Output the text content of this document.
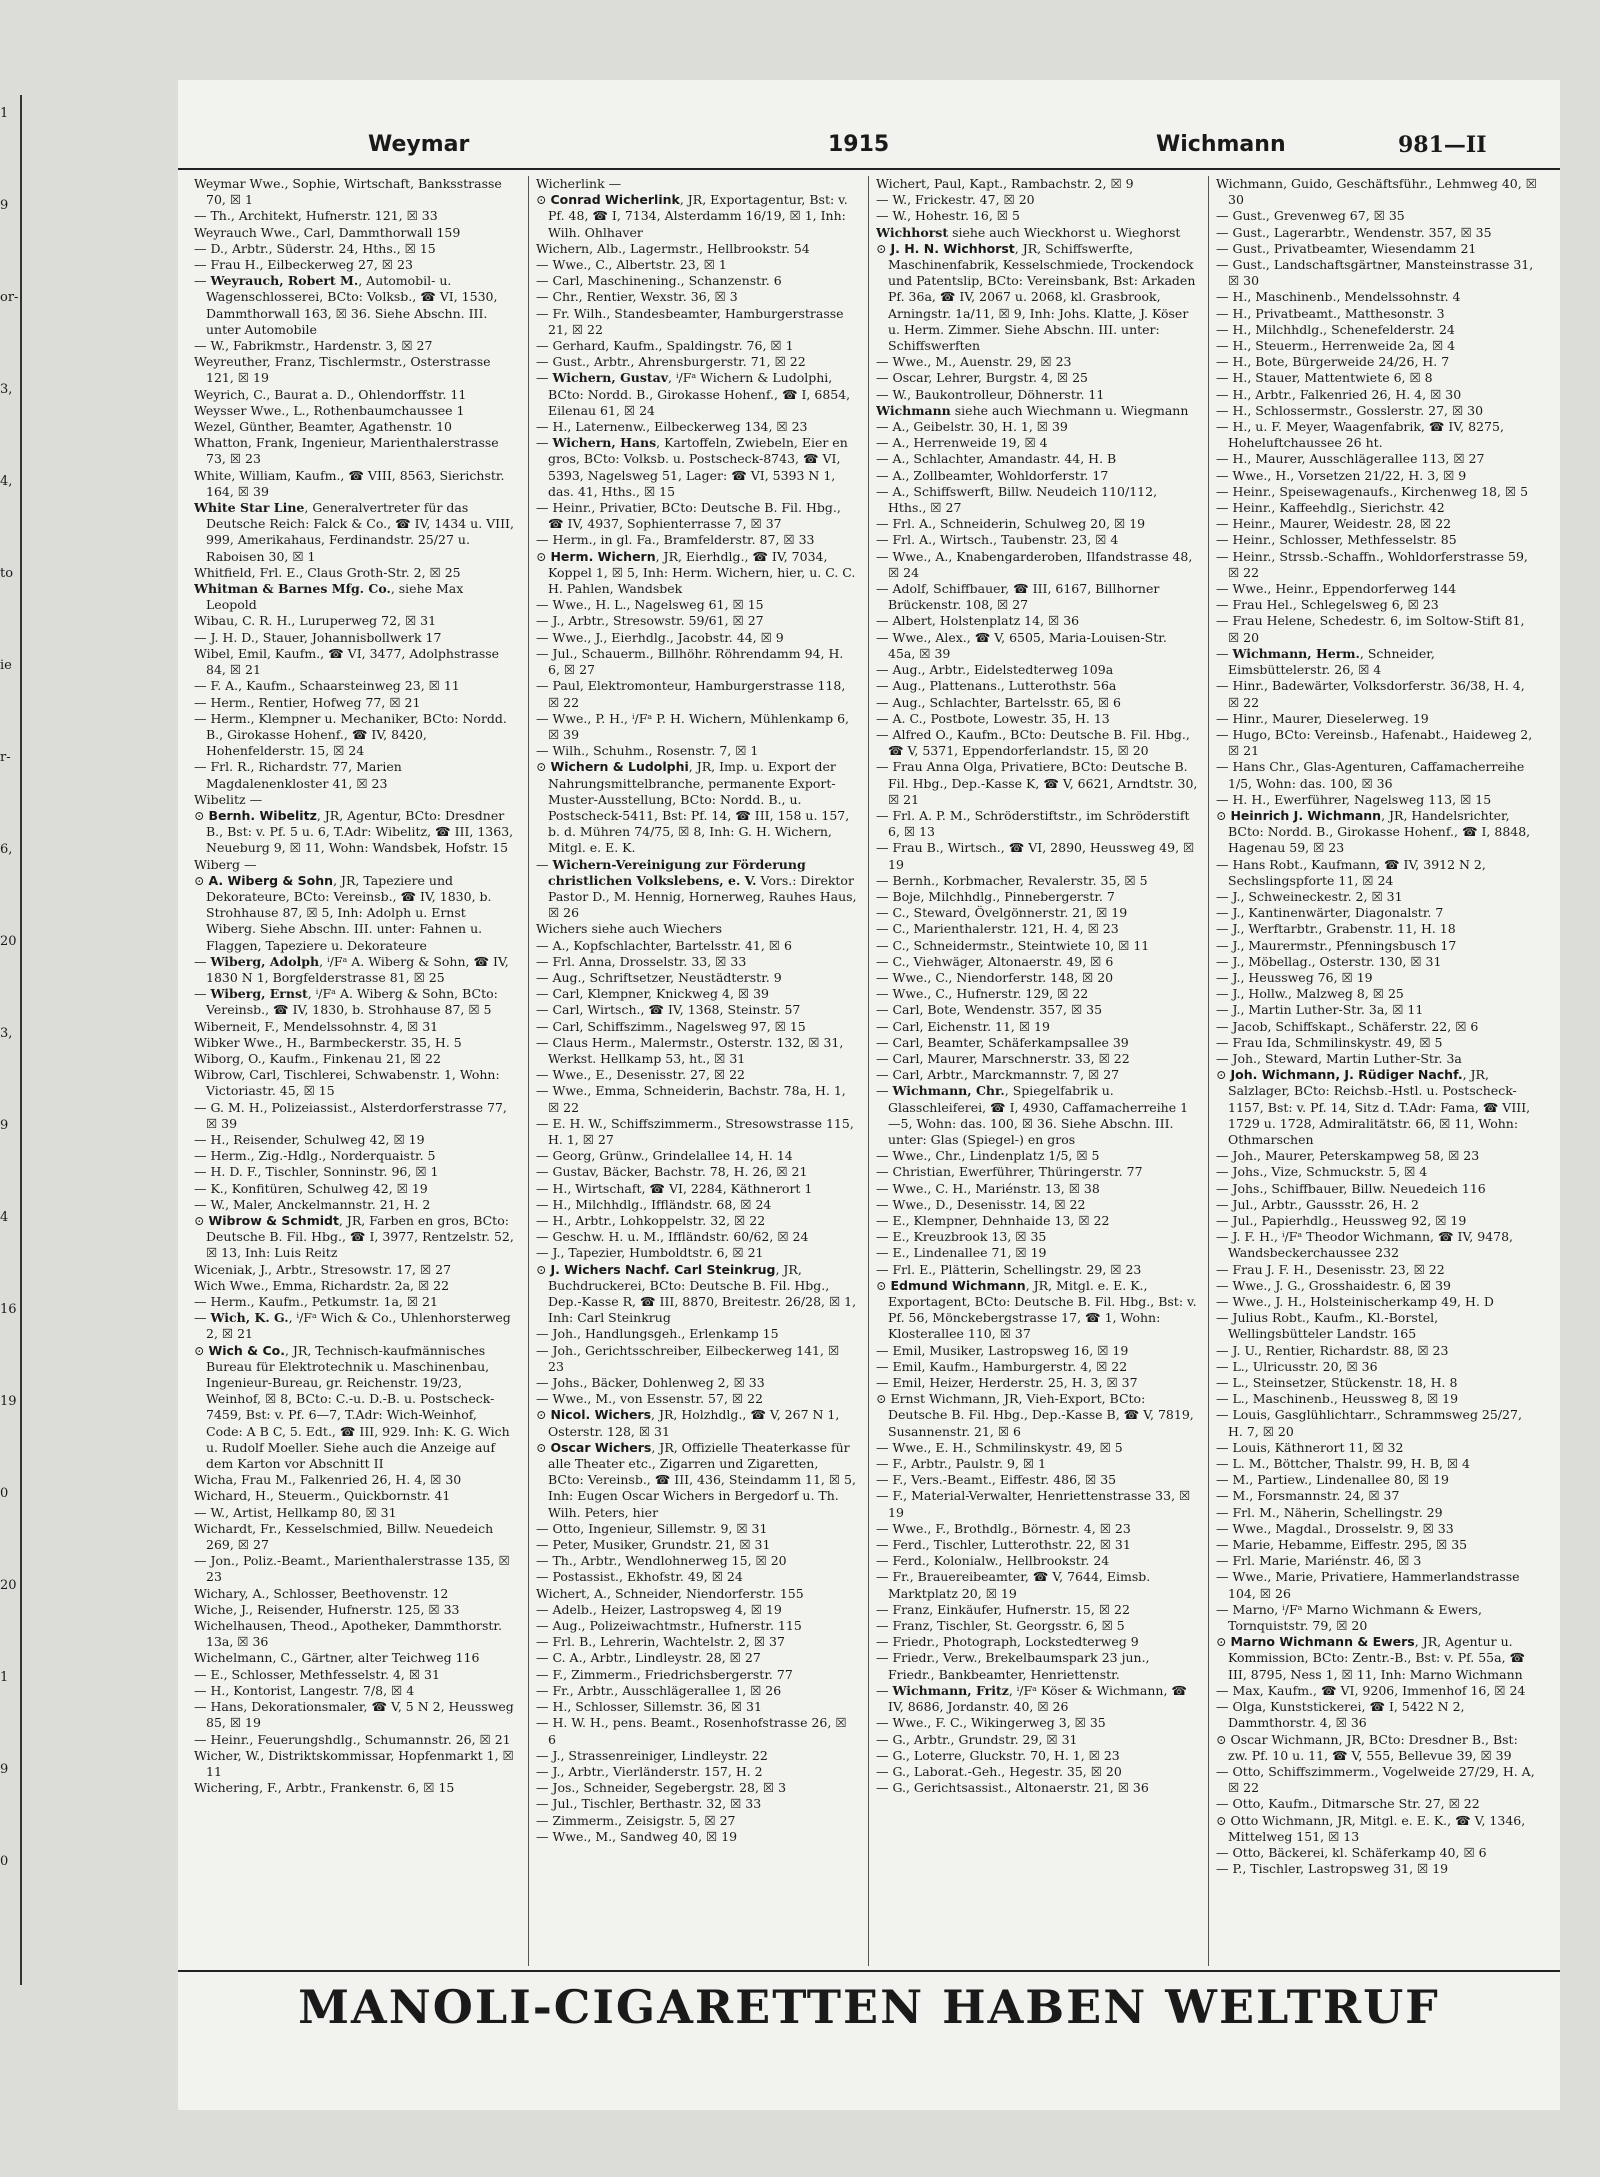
1
9
or-
3,
4,
to
ie
r-
6,
20
3,
9
4
16
19
0
20
1
9
0
Weymar	1915	Wichmann	981—II

Weymar Wwe., Sophie, Wirtschaft, Banksstrasse 70, ☒ 1

— Th., Architekt, Hufnerstr. 121, ☒ 33

Weyrauch Wwe., Carl, Dammthorwall 159

— D., Arbtr., Süderstr. 24, Hths., ☒ 15

— Frau H., Eilbeckerweg 27, ☒ 23

— Weyrauch, Robert M., Automobil- u. Wagenschlosserei, BCto: Volksb., ☎ VI, 1530, Dammthorwall 163, ☒ 36. Siehe Abschn. III. unter Automobile

— W., Fabrikmstr., Hardenstr. 3, ☒ 27

Weyreuther, Franz, Tischlermstr., Osterstrasse 121, ☒ 19

Weyrich, C., Baurat a. D., Ohlendorffstr. 11

Weysser Wwe., L., Rothenbaumchaussee 1

Wezel, Günther, Beamter, Agathenstr. 10

Whatton, Frank, Ingenieur, Marienthalerstrasse 73, ☒ 23

White, William, Kaufm., ☎ VIII, 8563, Sierichstr. 164, ☒ 39

White Star Line, Generalvertreter für das Deutsche Reich: Falck & Co., ☎ IV, 1434 u. VIII, 999, Amerikahaus, Ferdinandstr. 25/27 u. Raboisen 30, ☒ 1

Whitfield, Frl. E., Claus Groth-Str. 2, ☒ 25

Whitman & Barnes Mfg. Co., siehe Max Leopold

Wibau, C. R. H., Luruperweg 72, ☒ 31

— J. H. D., Stauer, Johannisbollwerk 17

Wibel, Emil, Kaufm., ☎ VI, 3477, Adolphstrasse 84, ☒ 21

— F. A., Kaufm., Schaarsteinweg 23, ☒ 11

— Herm., Rentier, Hofweg 77, ☒ 21

— Herm., Klempner u. Mechaniker, BCto: Nordd. B., Girokasse Hohenf., ☎ IV, 8420, Hohenfelderstr. 15, ☒ 24

— Frl. R., Richardstr. 77, Marien Magdalenenkloster 41, ☒ 23

Wibelitz —

⊙ Bernh. Wibelitz, JR, Agentur, BCto: Dresdner B., Bst: v. Pf. 5 u. 6, T.Adr: Wibelitz, ☎ III, 1363, Neueburg 9, ☒ 11, Wohn: Wandsbek, Hofstr. 15

Wiberg —

⊙ A. Wiberg & Sohn, JR, Tapeziere und Dekorateure, BCto: Vereinsb., ☎ IV, 1830, b. Strohhause 87, ☒ 5, Inh: Adolph u. Ernst Wiberg. Siehe Abschn. III. unter: Fahnen u. Flaggen, Tapeziere u. Dekorateure

— Wiberg, Adolph, ⁱ/Fᵃ A. Wiberg & Sohn, ☎ IV, 1830 N 1, Borgfelderstrasse 81, ☒ 25

— Wiberg, Ernst, ⁱ/Fᵃ A. Wiberg & Sohn, BCto: Vereinsb., ☎ IV, 1830, b. Strohhause 87, ☒ 5

Wiberneit, F., Mendelssohnstr. 4, ☒ 31

Wibker Wwe., H., Barmbeckerstr. 35, H. 5

Wiborg, O., Kaufm., Finkenau 21, ☒ 22

Wibrow, Carl, Tischlerei, Schwabenstr. 1, Wohn: Victoriastr. 45, ☒ 15

— G. M. H., Polizeiassist., Alsterdorferstrasse 77, ☒ 39

— H., Reisender, Schulweg 42, ☒ 19

— Herm., Zig.-Hdlg., Norderquaistr. 5

— H. D. F., Tischler, Sonninstr. 96, ☒ 1

— K., Konfitüren, Schulweg 42, ☒ 19

— W., Maler, Anckelmannstr. 21, H. 2

⊙ Wibrow & Schmidt, JR, Farben en gros, BCto: Deutsche B. Fil. Hbg., ☎ I, 3977, Rentzelstr. 52, ☒ 13, Inh: Luis Reitz

Wiceniak, J., Arbtr., Stresowstr. 17, ☒ 27

Wich Wwe., Emma, Richardstr. 2a, ☒ 22

— Herm., Kaufm., Petkumstr. 1a, ☒ 21

— Wich, K. G., ⁱ/Fᵃ Wich & Co., Uhlenhorsterweg 2, ☒ 21

⊙ Wich & Co., JR, Technisch-kaufmännisches Bureau für Elektrotechnik u. Maschinenbau, Ingenieur-Bureau, gr. Reichenstr. 19/23, Weinhof, ☒ 8, BCto: C.-u. D.-B. u. Postscheck-7459, Bst: v. Pf. 6—7, T.Adr: Wich-Weinhof, Code: A B C, 5. Edt., ☎ III, 929. Inh: K. G. Wich u. Rudolf Moeller. Siehe auch die Anzeige auf dem Karton vor Abschnitt II

Wicha, Frau M., Falkenried 26, H. 4, ☒ 30

Wichard, H., Steuerm., Quickbornstr. 41

— W., Artist, Hellkamp 80, ☒ 31

Wichardt, Fr., Kesselschmied, Billw. Neuedeich 269, ☒ 27

— Jon., Poliz.-Beamt., Marienthalerstrasse 135, ☒ 23

Wichary, A., Schlosser, Beethovenstr. 12

Wiche, J., Reisender, Hufnerstr. 125, ☒ 33

Wichelhausen, Theod., Apotheker, Dammthorstr. 13a, ☒ 36

Wichelmann, C., Gärtner, alter Teichweg 116

— E., Schlosser, Methfesselstr. 4, ☒ 31

— H., Kontorist, Langestr. 7/8, ☒ 4

— Hans, Dekorationsmaler, ☎ V, 5 N 2, Heussweg 85, ☒ 19

— Heinr., Feuerungshdlg., Schumannstr. 26, ☒ 21

Wicher, W., Distriktskommissar, Hopfenmarkt 1, ☒ 11

Wichering, F., Arbtr., Frankenstr. 6, ☒ 15

Wicherlink —

⊙ Conrad Wicherlink, JR, Exportagentur, Bst: v. Pf. 48, ☎ I, 7134, Alsterdamm 16/19, ☒ 1, Inh: Wilh. Ohlhaver

Wichern, Alb., Lagermstr., Hellbrookstr. 54

— Wwe., C., Albertstr. 23, ☒ 1

— Carl, Maschinening., Schanzenstr. 6

— Chr., Rentier, Wexstr. 36, ☒ 3

— Fr. Wilh., Standesbeamter, Hamburgerstrasse 21, ☒ 22

— Gerhard, Kaufm., Spaldingstr. 76, ☒ 1

— Gust., Arbtr., Ahrensburgerstr. 71, ☒ 22

— Wichern, Gustav, ⁱ/Fᵃ Wichern & Ludolphi, BCto: Nordd. B., Girokasse Hohenf., ☎ I, 6854, Eilenau 61, ☒ 24

— H., Laternenw., Eilbeckerweg 134, ☒ 23

— Wichern, Hans, Kartoffeln, Zwiebeln, Eier en gros, BCto: Volksb. u. Postscheck-8743, ☎ VI, 5393, Nagelsweg 51, Lager: ☎ VI, 5393 N 1, das. 41, Hths., ☒ 15

— Heinr., Privatier, BCto: Deutsche B. Fil. Hbg., ☎ IV, 4937, Sophienterrasse 7, ☒ 37

— Herm., in gl. Fa., Bramfelderstr. 87, ☒ 33

⊙ Herm. Wichern, JR, Eierhdlg., ☎ IV, 7034, Koppel 1, ☒ 5, Inh: Herm. Wichern, hier, u. C. C. H. Pahlen, Wandsbek

— Wwe., H. L., Nagelsweg 61, ☒ 15

— J., Arbtr., Stresowstr. 59/61, ☒ 27

— Wwe., J., Eierhdlg., Jacobstr. 44, ☒ 9

— Jul., Schauerm., Billhöhr. Röhrendamm 94, H. 6, ☒ 27

— Paul, Elektromonteur, Hamburgerstrasse 118, ☒ 22

— Wwe., P. H., ⁱ/Fᵃ P. H. Wichern, Mühlenkamp 6, ☒ 39

— Wilh., Schuhm., Rosenstr. 7, ☒ 1

⊙ Wichern & Ludolphi, JR, Imp. u. Export der Nahrungsmittelbranche, permanente Export-Muster-Ausstellung, BCto: Nordd. B., u. Postscheck-5411, Bst: Pf. 14, ☎ III, 158 u. 157, b. d. Mühren 74/75, ☒ 8, Inh: G. H. Wichern, Mitgl. e. E. K.

— Wichern-Vereinigung zur Förderung christlichen Volkslebens, e. V. Vors.: Direktor Pastor D., M. Hennig, Hornerweg, Rauhes Haus, ☒ 26

Wichers siehe auch Wiechers

— A., Kopfschlachter, Bartelsstr. 41, ☒ 6

— Frl. Anna, Drosselstr. 33, ☒ 33

— Aug., Schriftsetzer, Neustädterstr. 9

— Carl, Klempner, Knickweg 4, ☒ 39

— Carl, Wirtsch., ☎ IV, 1368, Steinstr. 57

— Carl, Schiffszimm., Nagelsweg 97, ☒ 15

— Claus Herm., Malermstr., Osterstr. 132, ☒ 31, Werkst. Hellkamp 53, ht., ☒ 31

— Wwe., E., Desenisstr. 27, ☒ 22

— Wwe., Emma, Schneiderin, Bachstr. 78a, H. 1, ☒ 22

— E. H. W., Schiffszimmerm., Stresowstrasse 115, H. 1, ☒ 27

— Georg, Grünw., Grindelallee 14, H. 14

— Gustav, Bäcker, Bachstr. 78, H. 26, ☒ 21

— H., Wirtschaft, ☎ VI, 2284, Käthnerort 1

— H., Milchhdlg., Iffländstr. 68, ☒ 24

— H., Arbtr., Lohkoppelstr. 32, ☒ 22

— Geschw. H. u. M., Iffländstr. 60/62, ☒ 24

— J., Tapezier, Humboldtstr. 6, ☒ 21

⊙ J. Wichers Nachf. Carl Steinkrug, JR, Buchdruckerei, BCto: Deutsche B. Fil. Hbg., Dep.-Kasse R, ☎ III, 8870, Breitestr. 26/28, ☒ 1, Inh: Carl Steinkrug

— Joh., Handlungsgeh., Erlenkamp 15

— Joh., Gerichtsschreiber, Eilbeckerweg 141, ☒ 23

— Johs., Bäcker, Dohlenweg 2, ☒ 33

— Wwe., M., von Essenstr. 57, ☒ 22

⊙ Nicol. Wichers, JR, Holzhdlg., ☎ V, 267 N 1, Osterstr. 128, ☒ 31

⊙ Oscar Wichers, JR, Offizielle Theaterkasse für alle Theater etc., Zigarren und Zigaretten, BCto: Vereinsb., ☎ III, 436, Steindamm 11, ☒ 5, Inh: Eugen Oscar Wichers in Bergedorf u. Th. Wilh. Peters, hier

— Otto, Ingenieur, Sillemstr. 9, ☒ 31

— Peter, Musiker, Grundstr. 21, ☒ 31

— Th., Arbtr., Wendlohnerweg 15, ☒ 20

— Postassist., Ekhofstr. 49, ☒ 24

Wichert, A., Schneider, Niendorferstr. 155

— Adelb., Heizer, Lastropsweg 4, ☒ 19

— Aug., Polizeiwachtmstr., Hufnerstr. 115

— Frl. B., Lehrerin, Wachtelstr. 2, ☒ 37

— C. A., Arbtr., Lindleystr. 28, ☒ 27

— F., Zimmerm., Friedrichsbergerstr. 77

— Fr., Arbtr., Ausschlägerallee 1, ☒ 26

— H., Schlosser, Sillemstr. 36, ☒ 31

— H. W. H., pens. Beamt., Rosenhofstrasse 26, ☒ 6

— J., Strassenreiniger, Lindleystr. 22

— J., Arbtr., Vierländerstr. 157, H. 2

— Jos., Schneider, Segebergstr. 28, ☒ 3

— Jul., Tischler, Berthastr. 32, ☒ 33

— Zimmerm., Zeisigstr. 5, ☒ 27

— Wwe., M., Sandweg 40, ☒ 19

Wichert, Paul, Kapt., Rambachstr. 2, ☒ 9

— W., Frickestr. 47, ☒ 20

— W., Hohestr. 16, ☒ 5

Wichhorst siehe auch Wieckhorst u. Wieghorst

⊙ J. H. N. Wichhorst, JR, Schiffswerfte, Maschinenfabrik, Kesselschmiede, Trockendock und Patentslip, BCto: Vereinsbank, Bst: Arkaden Pf. 36a, ☎ IV, 2067 u. 2068, kl. Grasbrook, Arningstr. 1a/11, ☒ 9, Inh: Johs. Klatte, J. Köser u. Herm. Zimmer. Siehe Abschn. III. unter: Schiffswerften

— Wwe., M., Auenstr. 29, ☒ 23

— Oscar, Lehrer, Burgstr. 4, ☒ 25

— W., Baukontrolleur, Döhnerstr. 11

Wichmann siehe auch Wiechmann u. Wiegmann

— A., Geibelstr. 30, H. 1, ☒ 39

— A., Herrenweide 19, ☒ 4

— A., Schlachter, Amandastr. 44, H. B

— A., Zollbeamter, Wohldorferstr. 17

— A., Schiffswerft, Billw. Neudeich 110/112, Hths., ☒ 27

— Frl. A., Schneiderin, Schulweg 20, ☒ 19

— Frl. A., Wirtsch., Taubenstr. 23, ☒ 4

— Wwe., A., Knabengarderoben, Ilfandstrasse 48, ☒ 24

— Adolf, Schiffbauer, ☎ III, 6167, Billhorner Brückenstr. 108, ☒ 27

— Albert, Holstenplatz 14, ☒ 36

— Wwe., Alex., ☎ V, 6505, Maria-Louisen-Str. 45a, ☒ 39

— Aug., Arbtr., Eidelstedterweg 109a

— Aug., Plattenans., Lutterothstr. 56a

— Aug., Schlachter, Bartelsstr. 65, ☒ 6

— A. C., Postbote, Lowestr. 35, H. 13

— Alfred O., Kaufm., BCto: Deutsche B. Fil. Hbg., ☎ V, 5371, Eppendorferlandstr. 15, ☒ 20

— Frau Anna Olga, Privatiere, BCto: Deutsche B. Fil. Hbg., Dep.-Kasse K, ☎ V, 6621, Arndtstr. 30, ☒ 21

— Frl. A. P. M., Schröderstiftstr., im Schröderstift 6, ☒ 13

— Frau B., Wirtsch., ☎ VI, 2890, Heussweg 49, ☒ 19

— Bernh., Korbmacher, Revalerstr. 35, ☒ 5

— Boje, Milchhdlg., Pinnebergerstr. 7

— C., Steward, Övelgönnerstr. 21, ☒ 19

— C., Marienthalerstr. 121, H. 4, ☒ 23

— C., Schneidermstr., Steintwiete 10, ☒ 11

— C., Viehwäger, Altonaerstr. 49, ☒ 6

— Wwe., C., Niendorferstr. 148, ☒ 20

— Wwe., C., Hufnerstr. 129, ☒ 22

— Carl, Bote, Wendenstr. 357, ☒ 35

— Carl, Eichenstr. 11, ☒ 19

— Carl, Beamter, Schäferkampsallee 39

— Carl, Maurer, Marschnerstr. 33, ☒ 22

— Carl, Arbtr., Marckmannstr. 7, ☒ 27

— Wichmann, Chr., Spiegelfabrik u. Glasschleiferei, ☎ I, 4930, Caffamacherreihe 1—5, Wohn: das. 100, ☒ 36. Siehe Abschn. III. unter: Glas (Spiegel-) en gros

— Wwe., Chr., Lindenplatz 1/5, ☒ 5

— Christian, Ewerführer, Thüringerstr. 77

— Wwe., C. H., Mariénstr. 13, ☒ 38

— Wwe., D., Desenisstr. 14, ☒ 22

— E., Klempner, Dehnhaide 13, ☒ 22

— E., Kreuzbrook 13, ☒ 35

— E., Lindenallee 71, ☒ 19

— Frl. E., Plätterin, Schellingstr. 29, ☒ 23

⊙ Edmund Wichmann, JR, Mitgl. e. E. K., Exportagent, BCto: Deutsche B. Fil. Hbg., Bst: v. Pf. 56, Mönckebergstrasse 17, ☎ 1, Wohn: Klosterallee 110, ☒ 37

— Emil, Musiker, Lastropsweg 16, ☒ 19

— Emil, Kaufm., Hamburgerstr. 4, ☒ 22

— Emil, Heizer, Herderstr. 25, H. 3, ☒ 37

⊙ Ernst Wichmann, JR, Vieh-Export, BCto: Deutsche B. Fil. Hbg., Dep.-Kasse B, ☎ V, 7819, Susannenstr. 21, ☒ 6

— Wwe., E. H., Schmilinskystr. 49, ☒ 5

— F., Arbtr., Paulstr. 9, ☒ 1

— F., Vers.-Beamt., Eiffestr. 486, ☒ 35

— F., Material-Verwalter, Henriettenstrasse 33, ☒ 19

— Wwe., F., Brothdlg., Börnestr. 4, ☒ 23

— Ferd., Tischler, Lutterothstr. 22, ☒ 31

— Ferd., Kolonialw., Hellbrookstr. 24

— Fr., Brauereibeamter, ☎ V, 7644, Eimsb. Marktplatz 20, ☒ 19

— Franz, Einkäufer, Hufnerstr. 15, ☒ 22

— Franz, Tischler, St. Georgsstr. 6, ☒ 5

— Friedr., Photograph, Lockstedterweg 9

— Friedr., Verw., Brekelbaumspark 23 jun., Friedr., Bankbeamter, Henriettenstr.

— Wichmann, Fritz, ⁱ/Fᵃ Köser & Wichmann, ☎ IV, 8686, Jordanstr. 40, ☒ 26

— Wwe., F. C., Wikingerweg 3, ☒ 35

— G., Arbtr., Grundstr. 29, ☒ 31

— G., Loterre, Gluckstr. 70, H. 1, ☒ 23

— G., Laborat.-Geh., Hegestr. 35, ☒ 20

— G., Gerichtsassist., Altonaerstr. 21, ☒ 36

Wichmann, Guido, Geschäftsführ., Lehmweg 40, ☒ 30

— Gust., Grevenweg 67, ☒ 35

— Gust., Lagerarbtr., Wendenstr. 357, ☒ 35

— Gust., Privatbeamter, Wiesendamm 21

— Gust., Landschaftsgärtner, Mansteinstrasse 31, ☒ 30

— H., Maschinenb., Mendelssohnstr. 4

— H., Privatbeamt., Matthesonstr. 3

— H., Milchhdlg., Schenefelderstr. 24

— H., Steuerm., Herrenweide 2a, ☒ 4

— H., Bote, Bürgerweide 24/26, H. 7

— H., Stauer, Mattentwiete 6, ☒ 8

— H., Arbtr., Falkenried 26, H. 4, ☒ 30

— H., Schlossermstr., Gosslerstr. 27, ☒ 30

— H., u. F. Meyer, Waagenfabrik, ☎ IV, 8275, Hoheluftchaussee 26 ht.

— H., Maurer, Ausschlägerallee 113, ☒ 27

— Wwe., H., Vorsetzen 21/22, H. 3, ☒ 9

— Heinr., Speisewagenaufs., Kirchenweg 18, ☒ 5

— Heinr., Kaffeehdlg., Sierichstr. 42

— Heinr., Maurer, Weidestr. 28, ☒ 22

— Heinr., Schlosser, Methfesselstr. 85

— Heinr., Strssb.-Schaffn., Wohldorferstrasse 59, ☒ 22

— Wwe., Heinr., Eppendorferweg 144

— Frau Hel., Schlegelsweg 6, ☒ 23

— Frau Helene, Schedestr. 6, im Soltow-Stift 81, ☒ 20

— Wichmann, Herm., Schneider, Eimsbüttelerstr. 26, ☒ 4

— Hinr., Badewärter, Volksdorferstr. 36/38, H. 4, ☒ 22

— Hinr., Maurer, Dieselerweg. 19

— Hugo, BCto: Vereinsb., Hafenabt., Haideweg 2, ☒ 21

— Hans Chr., Glas-Agenturen, Caffamacherreihe 1/5, Wohn: das. 100, ☒ 36

— H. H., Ewerführer, Nagelsweg 113, ☒ 15

⊙ Heinrich J. Wichmann, JR, Handelsrichter, BCto: Nordd. B., Girokasse Hohenf., ☎ I, 8848, Hagenau 59, ☒ 23

— Hans Robt., Kaufmann, ☎ IV, 3912 N 2, Sechslingspforte 11, ☒ 24

— J., Schweineckestr. 2, ☒ 31

— J., Kantinenwärter, Diagonalstr. 7

— J., Werftarbtr., Grabenstr. 11, H. 18

— J., Maurermstr., Pfenningsbusch 17

— J., Möbellag., Osterstr. 130, ☒ 31

— J., Heussweg 76, ☒ 19

— J., Hollw., Malzweg 8, ☒ 25

— J., Martin Luther-Str. 3a, ☒ 11

— Jacob, Schiffskapt., Schäferstr. 22, ☒ 6

— Frau Ida, Schmilinskystr. 49, ☒ 5

— Joh., Steward, Martin Luther-Str. 3a

⊙ Joh. Wichmann, J. Rüdiger Nachf., JR, Salzlager, BCto: Reichsb.-Hstl. u. Postscheck-1157, Bst: v. Pf. 14, Sitz d. T.Adr: Fama, ☎ VIII, 1729 u. 1728, Admiralitätstr. 66, ☒ 11, Wohn: Othmarschen

— Joh., Maurer, Peterskampweg 58, ☒ 23

— Johs., Vize, Schmuckstr. 5, ☒ 4

— Johs., Schiffbauer, Billw. Neuedeich 116

— Jul., Arbtr., Gaussstr. 26, H. 2

— Jul., Papierhdlg., Heussweg 92, ☒ 19

— J. F. H., ⁱ/Fᵃ Theodor Wichmann, ☎ IV, 9478, Wandsbeckerchaussee 232

— Frau J. F. H., Desenisstr. 23, ☒ 22

— Wwe., J. G., Grosshaidestr. 6, ☒ 39

— Wwe., J. H., Holsteinischerkamp 49, H. D

— Julius Robt., Kaufm., Kl.-Borstel, Wellingsbütteler Landstr. 165

— J. U., Rentier, Richardstr. 88, ☒ 23

— L., Ulricusstr. 20, ☒ 36

— L., Steinsetzer, Stückenstr. 18, H. 8

— L., Maschinenb., Heussweg 8, ☒ 19

— Louis, Gasglühlichtarr., Schrammsweg 25/27, H. 7, ☒ 20

— Louis, Käthnerort 11, ☒ 32

— L. M., Böttcher, Thalstr. 99, H. B, ☒ 4

— M., Partiew., Lindenallee 80, ☒ 19

— M., Forsmannstr. 24, ☒ 37

— Frl. M., Näherin, Schellingstr. 29

— Wwe., Magdal., Drosselstr. 9, ☒ 33

— Marie, Hebamme, Eiffestr. 295, ☒ 35

— Frl. Marie, Mariénstr. 46, ☒ 3

— Wwe., Marie, Privatiere, Hammerlandstrasse 104, ☒ 26

— Marno, ⁱ/Fᵃ Marno Wichmann & Ewers, Tornquiststr. 79, ☒ 20

⊙ Marno Wichmann & Ewers, JR, Agentur u. Kommission, BCto: Zentr.-B., Bst: v. Pf. 55a, ☎ III, 8795, Ness 1, ☒ 11, Inh: Marno Wichmann

— Max, Kaufm., ☎ VI, 9206, Immenhof 16, ☒ 24

— Olga, Kunststickerei, ☎ I, 5422 N 2, Dammthorstr. 4, ☒ 36

⊙ Oscar Wichmann, JR, BCto: Dresdner B., Bst: zw. Pf. 10 u. 11, ☎ V, 555, Bellevue 39, ☒ 39

— Otto, Schiffszimmerm., Vogelweide 27/29, H. A, ☒ 22

— Otto, Kaufm., Ditmarsche Str. 27, ☒ 22

⊙ Otto Wichmann, JR, Mitgl. e. E. K., ☎ V, 1346, Mittelweg 151, ☒ 13

— Otto, Bäckerei, kl. Schäferkamp 40, ☒ 6

— P., Tischler, Lastropsweg 31, ☒ 19

MANOLI-CIGARETTEN HABEN WELTRUF
